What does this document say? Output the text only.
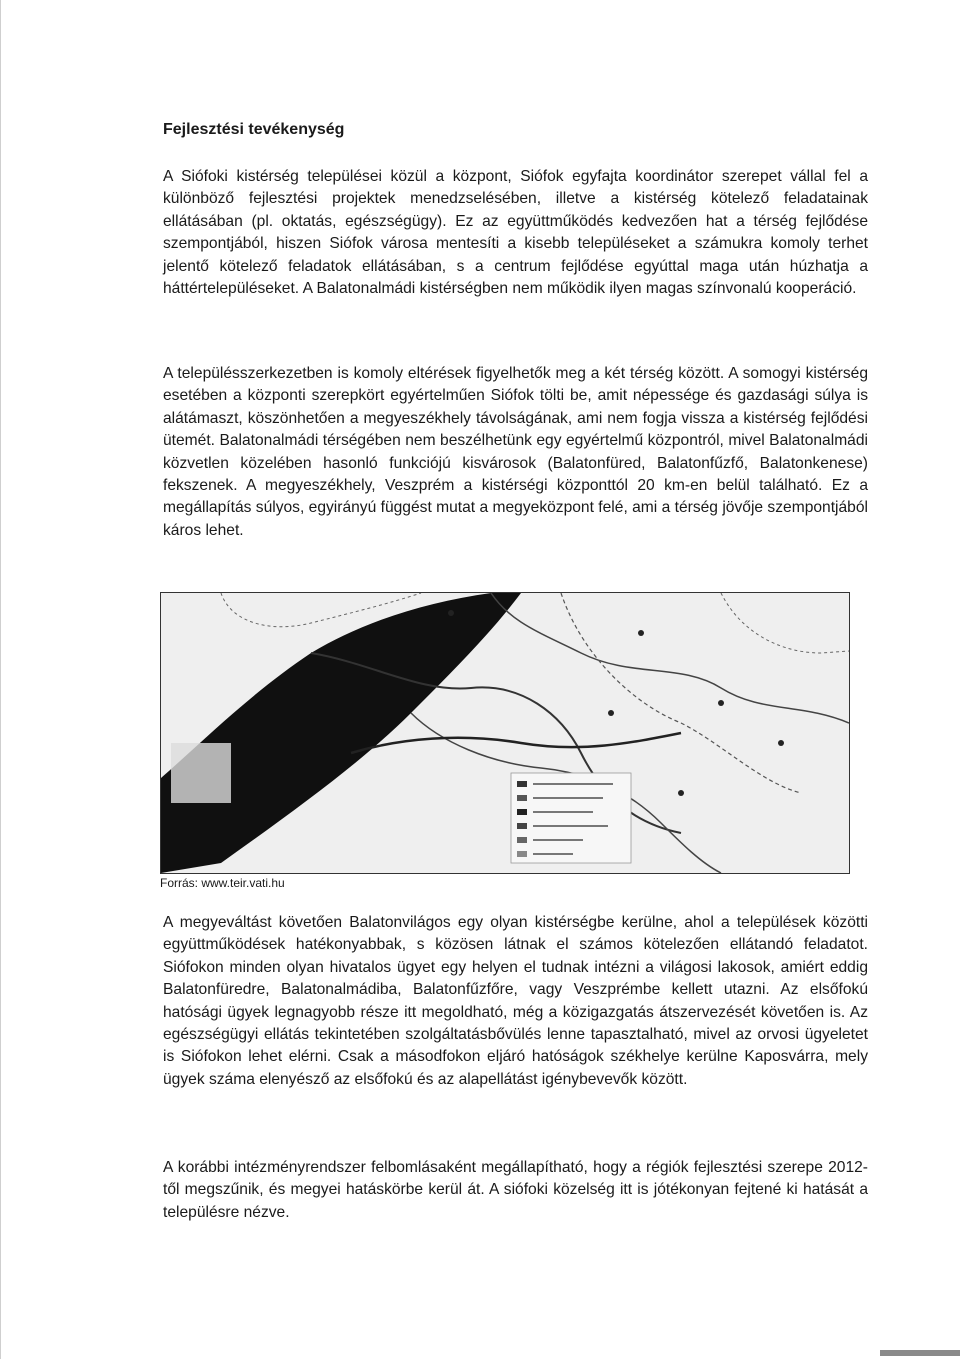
Fejlesztési tevékenység

A Siófoki kistérség települései közül a központ, Siófok egyfajta koordinátor szerepet vállal fel a különböző fejlesztési projektek menedzselésében, illetve a kistérség kötelező feladatainak ellátásában (pl. oktatás, egészségügy). Ez az együttműködés kedvezően hat a térség fejlődése szempontjából, hiszen Siófok városa mentesíti a kisebb településeket a számukra komoly terhet jelentő kötelező feladatok ellátásában, s a centrum fejlődése egyúttal maga után húzhatja a háttértelepüléseket. A Balatonalmádi kistérségben nem működik ilyen magas színvonalú kooperáció.

A településszerkezetben is komoly eltérések figyelhetők meg a két térség között. A somogyi kistérség esetében a központi szerepkört egyértelműen Siófok tölti be, amit népessége és gazdasági súlya is alátámaszt, köszönhetően a megyeszékhely távolságának, ami nem fogja vissza a kistérség fejlődési ütemét. Balatonalmádi térségében nem beszélhetünk egy egyértelmű központról, mivel Balatonalmádi közvetlen közelében hasonló funkciójú kisvárosok (Balatonfüred, Balatonfűzfő, Balatonkenese) fekszenek. A megyeszékhely, Veszprém a kistérségi központtól 20 km-en belül található. Ez a megállapítás súlyos, egyirányú függést mutat a megyeközpont felé, ami a térség jövője szempontjából káros lehet.

Forrás: www.teir.vati.hu

A megyeváltást követően Balatonvilágos egy olyan kistérségbe kerülne, ahol a települések közötti együttműködések hatékonyabbak, s közösen látnak el számos kötelezően ellátandó feladatot. Siófokon minden olyan hivatalos ügyet egy helyen el tudnak intézni a világosi lakosok, amiért eddig Balatonfüredre, Balatonalmádiba, Balatonfűzfőre, vagy Veszprémbe kellett utazni. Az elsőfokú hatósági ügyek legnagyobb része itt megoldható, még a közigazgatás átszervezését követően is. Az egészségügyi ellátás tekintetében szolgáltatásbővülés lenne tapasztalható, mivel az orvosi ügyeletet is Siófokon lehet elérni. Csak a másodfokon eljáró hatóságok székhelye kerülne Kaposvárra, mely ügyek száma elenyésző az elsőfokú és az alapellátást igénybevevők között.

A korábbi intézményrendszer felbomlásaként megállapítható, hogy a régiók fejlesztési szerepe 2012-től megszűnik, és megyei hatáskörbe kerül át. A siófoki közelség itt is jótékonyan fejtené ki hatását a településre nézve.
